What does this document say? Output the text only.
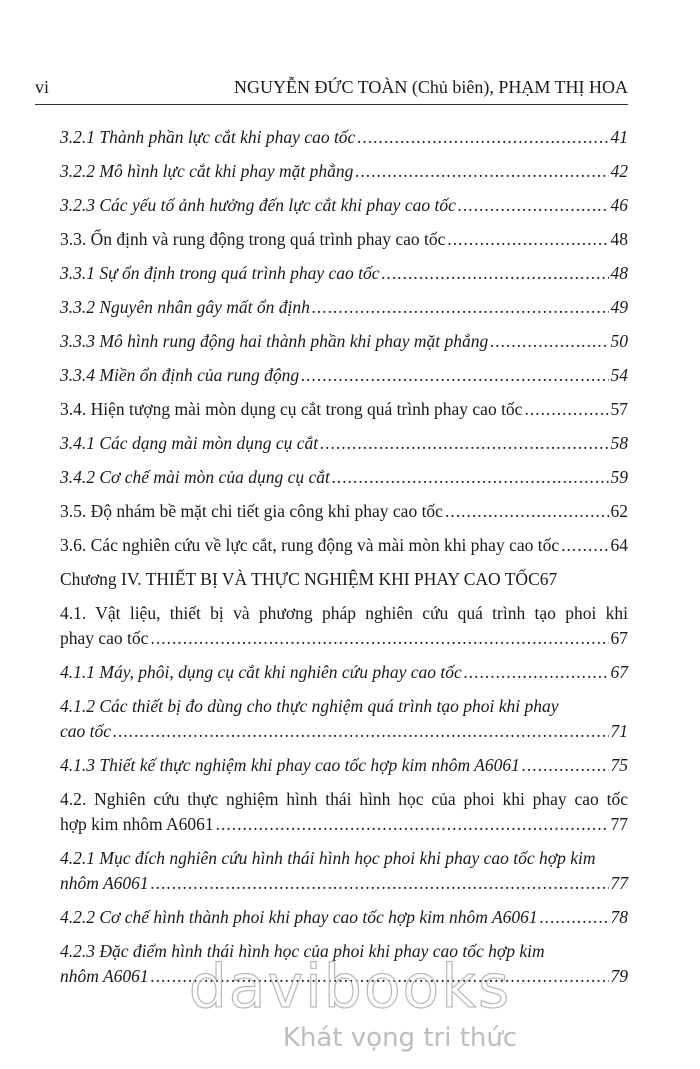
vi	NGUYỄN ĐỨC TOÀN (Chủ biên), PHẠM THỊ HOA
3.2.1 Thành phần lực cắt khi phay cao tốc .....	41
3.2.2 Mô hình lực cắt khi phay mặt phẳng .....	42
3.2.3 Các yếu tố ảnh hưởng đến lực cắt khi phay cao tốc .....	46
3.3. Ổn định và rung động trong quá trình phay cao tốc .....	48
3.3.1 Sự ổn định trong quá trình phay cao tốc .....	48
3.3.2 Nguyên nhân gây mất ổn định .....	49
3.3.3 Mô hình rung động hai thành phần khi phay mặt phẳng .....	50
3.3.4 Miền ổn định của rung động .....	54
3.4. Hiện tượng mài mòn dụng cụ cắt trong quá trình phay cao tốc .....	57
3.4.1 Các dạng mài mòn dụng cụ cắt .....	58
3.4.2 Cơ chế mài mòn của dụng cụ cắt .....	59
3.5. Độ nhám bề mặt chi tiết gia công khi phay cao tốc .....	62
3.6. Các nghiên cứu về lực cắt, rung động và mài mòn khi phay cao tốc .....	64
Chương IV. THIẾT BỊ VÀ THỰC NGHIỆM KHI PHAY CAO TỐC 67
4.1. Vật liệu, thiết bị và phương pháp nghiên cứu quá trình tạo phoi khi
phay cao tốc .....	67
4.1.1 Máy, phôi, dụng cụ cắt khi nghiên cứu phay cao tốc .....	67
4.1.2 Các thiết bị đo dùng cho thực nghiệm quá trình tạo phoi khi phay
cao tốc .....	71
4.1.3 Thiết kế thực nghiệm khi phay cao tốc hợp kim nhôm A6061 .....	75
4.2. Nghiên cứu thực nghiệm hình thái hình học của phoi khi phay cao tốc
hợp kim nhôm A6061 .....	77
4.2.1 Mục đích nghiên cứu hình thái hình học phoi khi phay cao tốc hợp kim
nhôm A6061 .....	77
4.2.2 Cơ chế hình thành phoi khi phay cao tốc hợp kim nhôm A6061 .....	78
4.2.3 Đặc điểm hình thái hình học của phoi khi phay cao tốc hợp kim
nhôm A6061 .....	79
davibooks
Khát vọng tri thức
